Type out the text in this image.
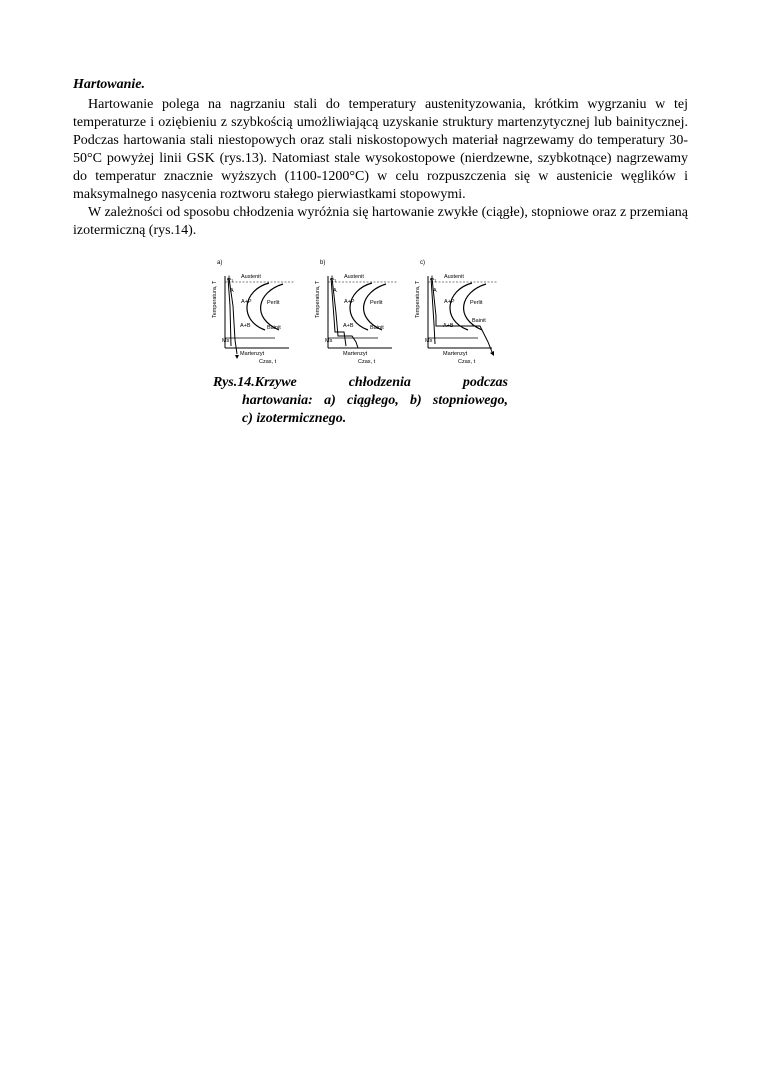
Hartowanie.

Hartowanie polega na nagrzaniu stali do temperatury austenityzowania, krótkim wygrzaniu w tej temperaturze i oziębieniu z szybkością umożliwiającą uzyskanie struktury martenzytycznej lub bainitycznej. Podczas hartowania stali niestopowych oraz stali niskostopowych materiał nagrzewamy do temperatury 30-50°C powyżej linii GSK (rys.13). Natomiast stale wysokostopowe (nierdzewne, szybkotnące) nagrzewamy do temperatur znacznie wyższych (1100-1200°C) w celu rozpuszczenia się w austenicie węglików i maksymalnego nasycenia roztworu stałego pierwiastkami stopowymi.

W zależności od sposobu chłodzenia wyróżnia się hartowanie zwykłe (ciągłe), stopniowe oraz z przemianą izotermiczną (rys.14).

a)
Temperatura, T
$A_1$ Austenit
A
A+P	Perlit
A+B	Bainit
Ms
Martenzyt
Czas, t
b)
Temperatura, T
$A_1$ Austenit
A
A+P	Perlit
A+B	Bainit
Ms
Martenzyt
Czas, t
c)
Temperatura, T
$A_1$ Austenit
A
A+P	Perlit
A+B
Bainit
Ms
Martenzyt
Czas, t
Rys.14.Krzywe	chłodzenia	podczas
hartowania: a) ciągłego, b) stopniowego,
c) izotermicznego.
